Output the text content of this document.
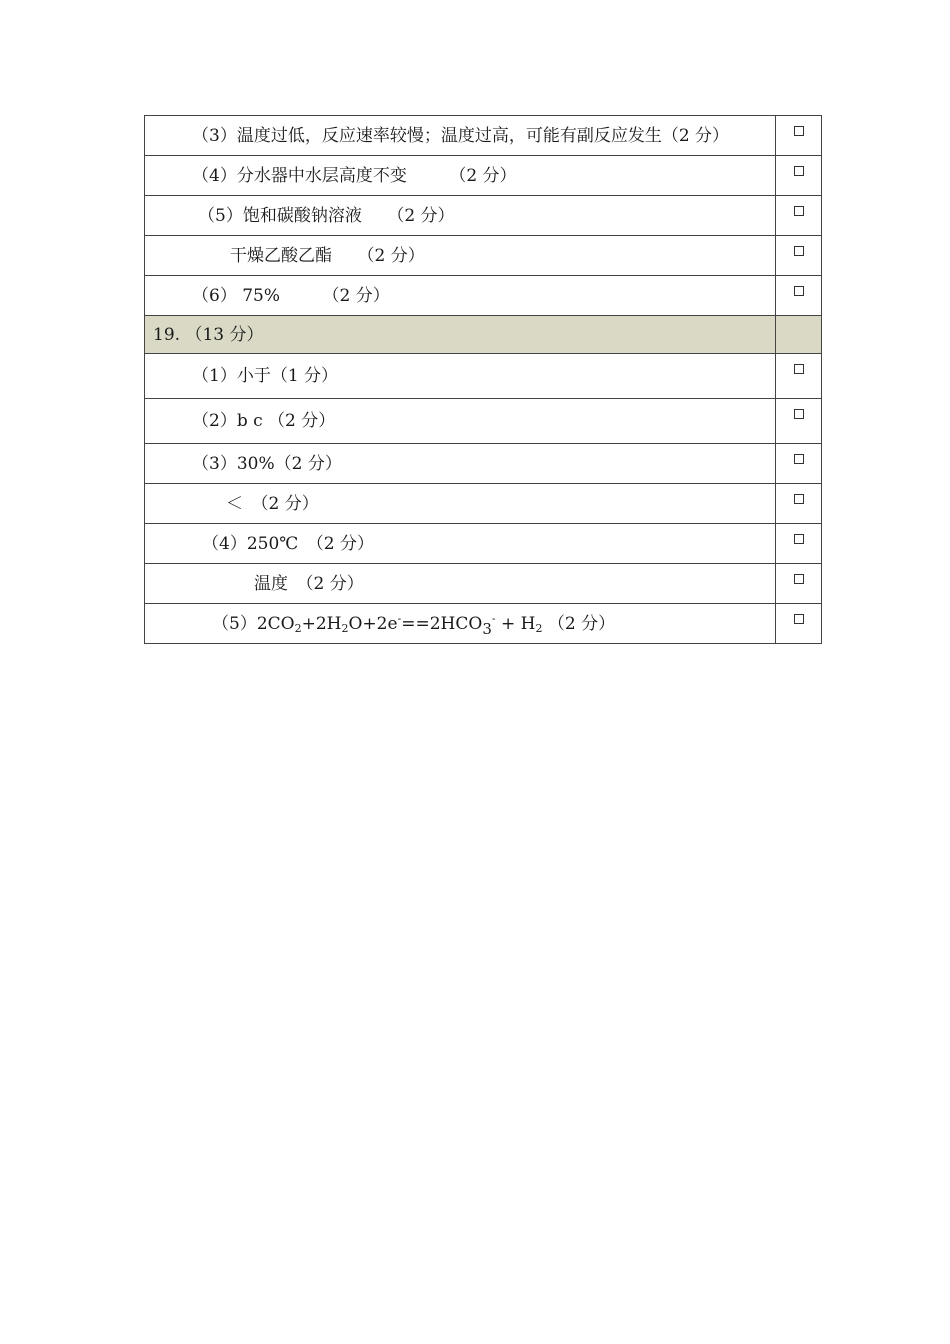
（3）温度过低，反应速率较慢；温度过高，可能有副反应发生（2 分）	
（4）分水器中水层高度不变　　　（2 分）	
（5）饱和碳酸钠溶液　　（2 分）	
干燥乙酸乙酯　　（2 分）	
（6） 75%　　　（2 分）	
19. （13 分）	
（1）小于（1 分）	
（2）b c （2 分）	
（3）30%（2 分）	
＜　（2 分）	
（4）250℃　（2 分）	
温度　（2 分）	
$(5)2CO_2+2H_2O+2e^-==2HCO3^- + H_2$ （2 分）	
